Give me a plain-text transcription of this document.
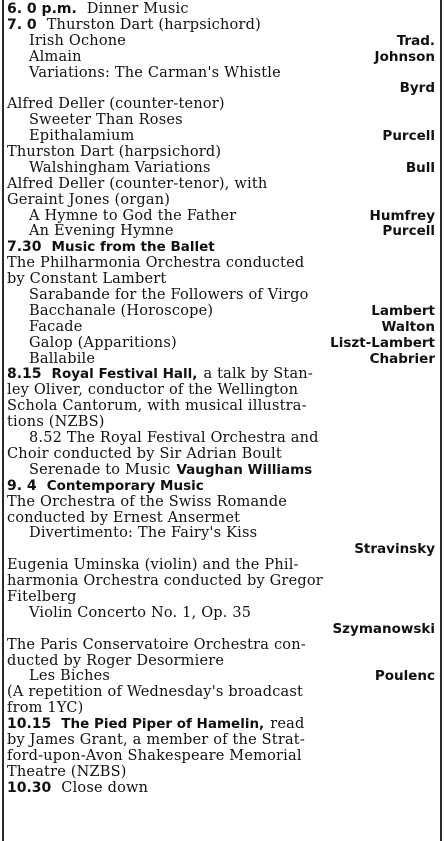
6. 0 p.m. Dinner Music
7. 0 Thurston Dart (harpsichord)
Irish Ochone	Trad.
Almain	Johnson
Variations: The Carman's Whistle
Byrd
Alfred Deller (counter-tenor)
Sweeter Than Roses
Epithalamium	Purcell
Thurston Dart (harpsichord)
Walshingham Variations	Bull
Alfred Deller (counter-tenor), with
Geraint Jones (organ)
A Hymne to God the Father	Humfrey
An Evening Hymne	Purcell
7.30 Music from the Ballet
The Philharmonia Orchestra conducted
by Constant Lambert
Sarabande for the Followers of Virgo
Bacchanale (Horoscope)	Lambert
Facade	Walton
Galop (Apparitions)	Liszt-Lambert
Ballabile	Chabrier
8.15 Royal Festival Hall, a talk by Stan-
ley Oliver, conductor of the Wellington
Schola Cantorum, with musical illustra-
tions (NZBS)
8.52 The Royal Festival Orchestra and
Choir conducted by Sir Adrian Boult
Serenade to Music Vaughan Williams
9. 4 Contemporary Music
The Orchestra of the Swiss Romande
conducted by Ernest Ansermet
Divertimento: The Fairy's Kiss
Stravinsky
Eugenia Uminska (violin) and the Phil-
harmonia Orchestra conducted by Gregor
Fitelberg
Violin Concerto No. 1, Op. 35
Szymanowski
The Paris Conservatoire Orchestra con-
ducted by Roger Desormiere
Les Biches	Poulenc
(A repetition of Wednesday's broadcast
from 1YC)
10.15 The Pied Piper of Hamelin, read
by James Grant, a member of the Strat-
ford-upon-Avon Shakespeare Memorial
Theatre (NZBS)
10.30 Close down
